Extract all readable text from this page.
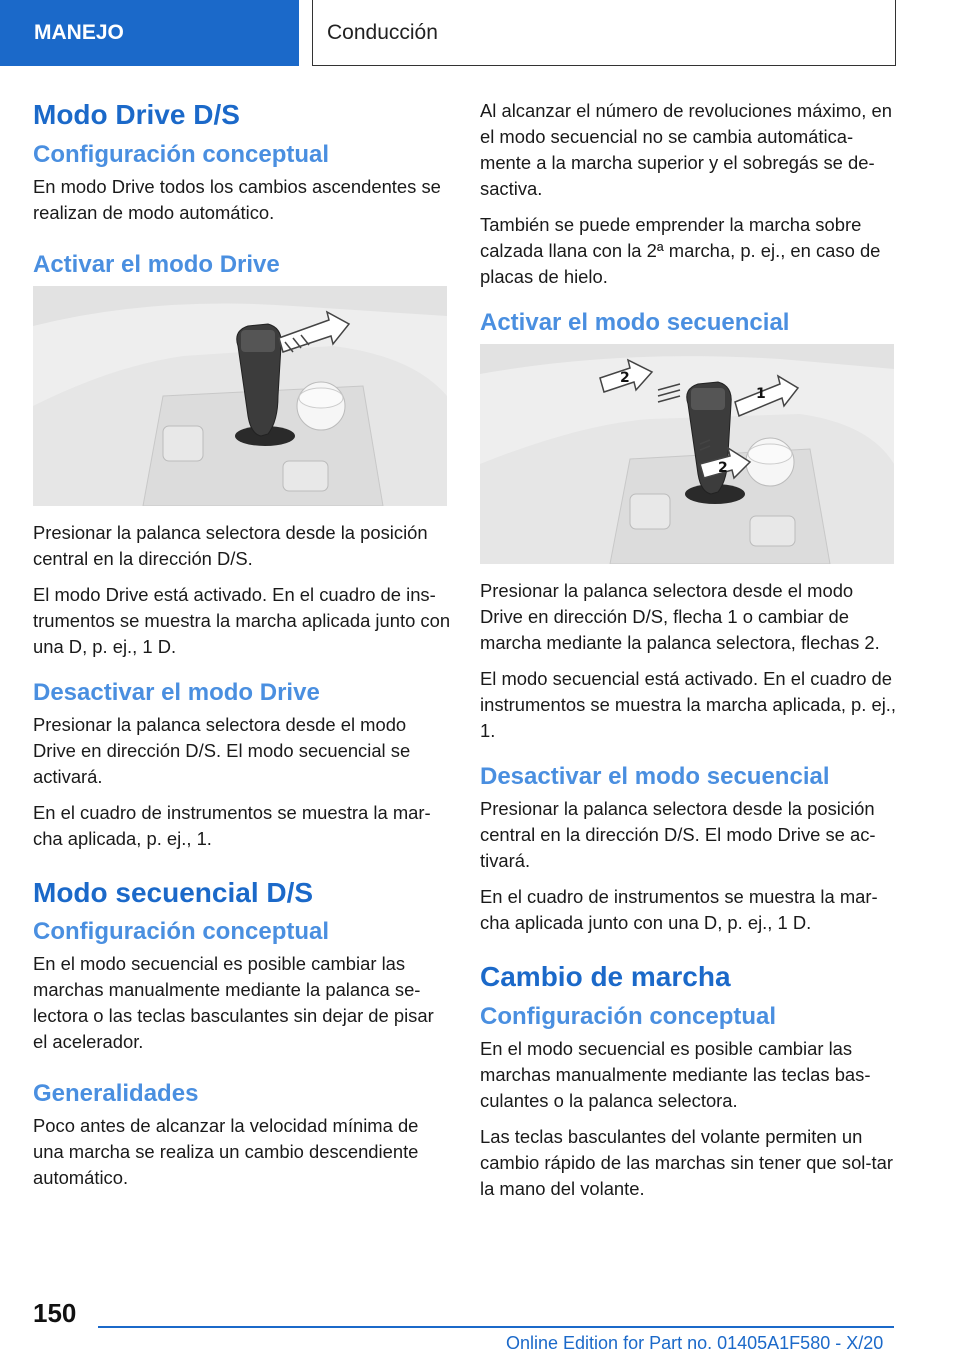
MANEJO	Conducción
Modo Drive D/S
Configuración conceptual

En modo Drive todos los cambios ascendentes se realizan de modo automático.

Activar el modo Drive

Presionar la palanca selectora desde la posición central en la dirección D/S.

El modo Drive está activado. En el cuadro de ins-trumentos se muestra la marcha aplicada junto con una D, p. ej., 1 D.

Desactivar el modo Drive

Presionar la palanca selectora desde el modo Drive en dirección D/S. El modo secuencial se activará.

En el cuadro de instrumentos se muestra la mar-cha aplicada, p. ej., 1.

Modo secuencial D/S
Configuración conceptual

En el modo secuencial es posible cambiar las marchas manualmente mediante la palanca se-lectora o las teclas basculantes sin dejar de pisar el acelerador.

Generalidades

Poco antes de alcanzar la velocidad mínima de una marcha se realiza un cambio descendiente automático.

Al alcanzar el número de revoluciones máximo, en el modo secuencial no se cambia automática-mente a la marcha superior y el sobregás se de-sactiva.

También se puede emprender la marcha sobre calzada llana con la 2ª marcha, p. ej., en caso de placas de hielo.

Activar el modo secuencial
2
1
2

Presionar la palanca selectora desde el modo Drive en dirección D/S, flecha 1 o cambiar de marcha mediante la palanca selectora, flechas 2.

El modo secuencial está activado. En el cuadro de instrumentos se muestra la marcha aplicada, p. ej., 1.

Desactivar el modo secuencial

Presionar la palanca selectora desde la posición central en la dirección D/S. El modo Drive se ac-tivará.

En el cuadro de instrumentos se muestra la mar-cha aplicada junto con una D, p. ej., 1 D.

Cambio de marcha
Configuración conceptual

En el modo secuencial es posible cambiar las marchas manualmente mediante las teclas bas-culantes o la palanca selectora.

Las teclas basculantes del volante permiten un cambio rápido de las marchas sin tener que sol-tar la mano del volante.

150
Online Edition for Part no. 01405A1F580 - X/20
